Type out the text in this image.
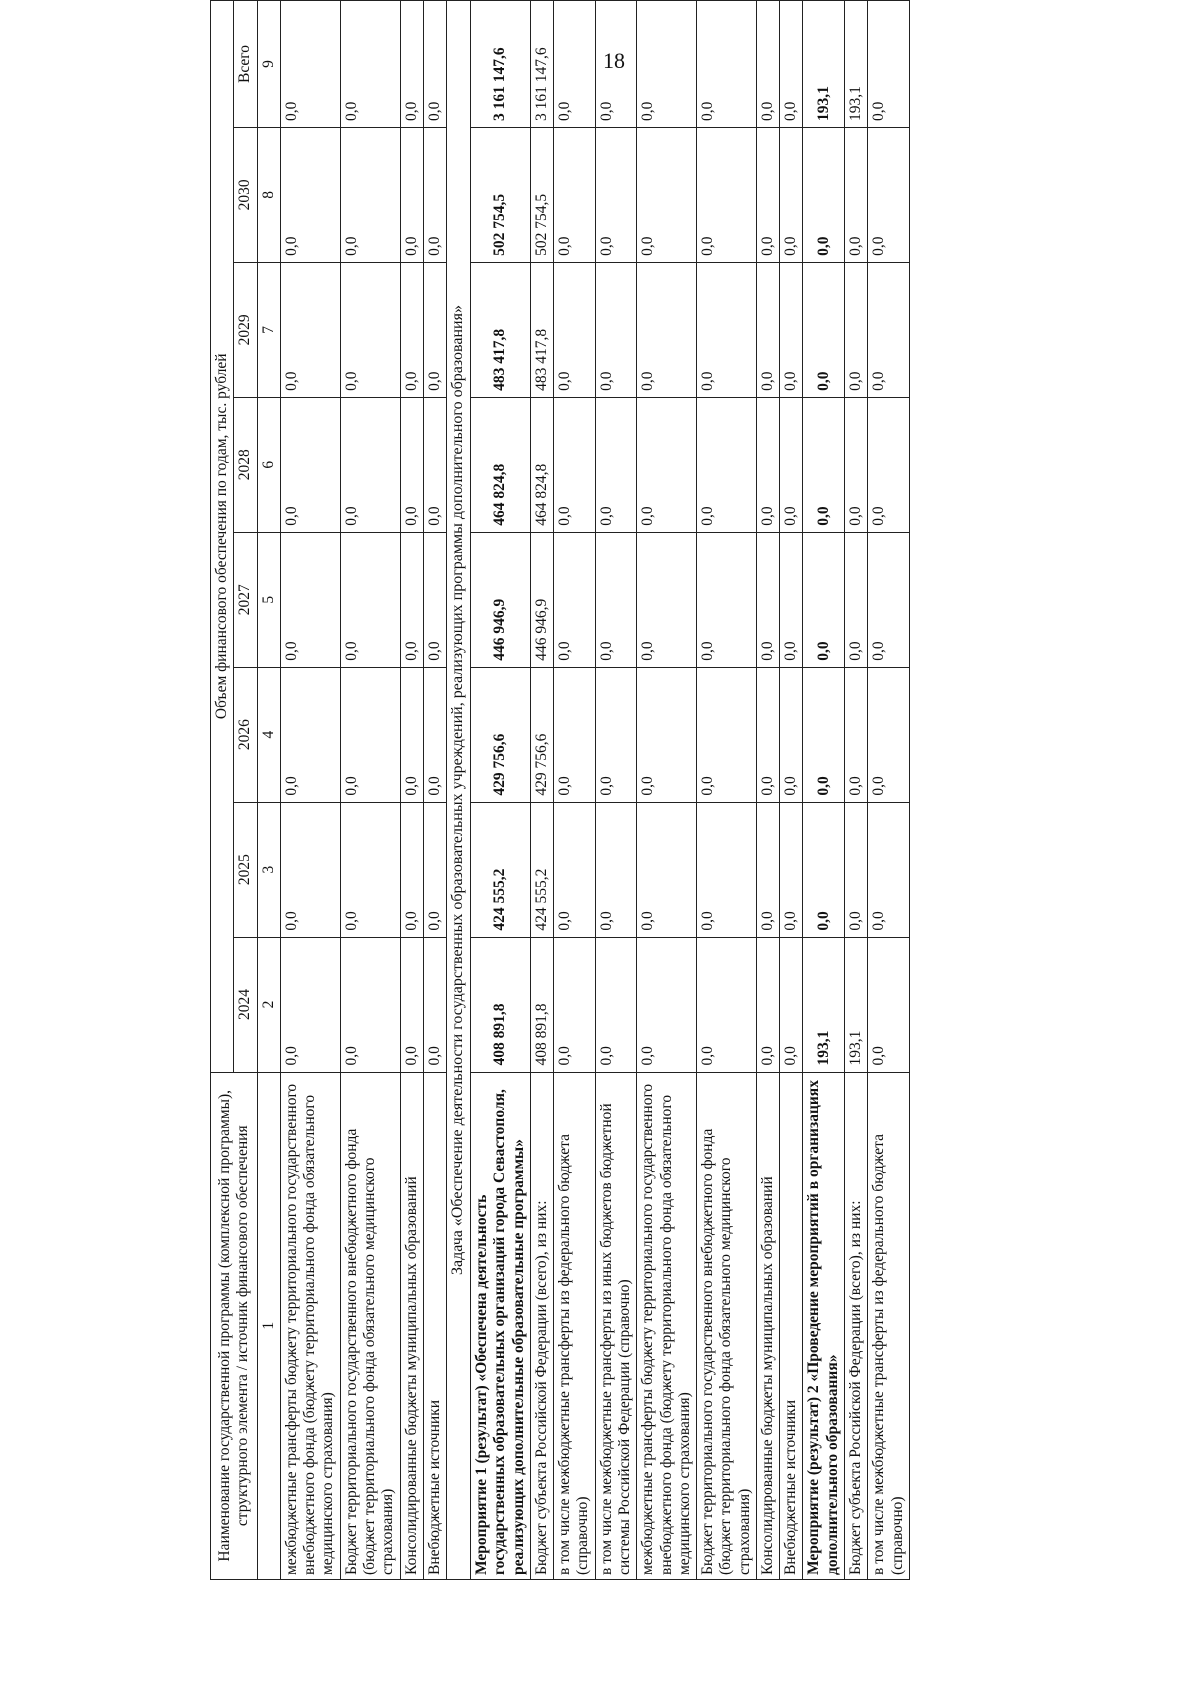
18
Наименование государственной программы (комплексной программы), структурного элемента / источник финансового обеспечения	Объем финансового обеспечения по годам, тыс. рублей							
	2024	2025	2026	2027	2028	2029	2030	Всего
1	2	3	4	5	6	7	8	9
межбюджетные трансферты бюджету территориального государственного внебюджетного фонда (бюджету территориального фонда обязательного медицинского страхования)	0,0	0,0	0,0	0,0	0,0	0,0	0,0	0,0
Бюджет территориального государственного внебюджетного фонда (бюджет территориального фонда обязательного медицинского страхования)	0,0	0,0	0,0	0,0	0,0	0,0	0,0	0,0
Консолидированные бюджеты муниципальных образований	0,0	0,0	0,0	0,0	0,0	0,0	0,0	0,0
Внебюджетные источники	0,0	0,0	0,0	0,0	0,0	0,0	0,0	0,0
Задача «Обеспечение деятельности государственных образовательных учреждений, реализующих программы дополнительного образования»								
Мероприятие 1 (результат) «Обеспечена деятельность государственных образовательных организаций города Севастополя, реализующих дополнительные образовательные программы»	408 891,8	424 555,2	429 756,6	446 946,9	464 824,8	483 417,8	502 754,5	3 161 147,6
Бюджет субъекта Российской Федерации (всего), из них:	408 891,8	424 555,2	429 756,6	446 946,9	464 824,8	483 417,8	502 754,5	3 161 147,6
в том числе межбюджетные трансферты из федерального бюджета (справочно)	0,0	0,0	0,0	0,0	0,0	0,0	0,0	0,0
в том числе межбюджетные трансферты из иных бюджетов бюджетной системы Российской Федерации (справочно)	0,0	0,0	0,0	0,0	0,0	0,0	0,0	0,0
межбюджетные трансферты бюджету территориального государственного внебюджетного фонда (бюджету территориального фонда обязательного медицинского страхования)	0,0	0,0	0,0	0,0	0,0	0,0	0,0	0,0
Бюджет территориального государственного внебюджетного фонда (бюджет территориального фонда обязательного медицинского страхования)	0,0	0,0	0,0	0,0	0,0	0,0	0,0	0,0
Консолидированные бюджеты муниципальных образований	0,0	0,0	0,0	0,0	0,0	0,0	0,0	0,0
Внебюджетные источники	0,0	0,0	0,0	0,0	0,0	0,0	0,0	0,0
Мероприятие (результат) 2 «Проведение мероприятий в организациях дополнительного образования»	193,1	0,0	0,0	0,0	0,0	0,0	0,0	193,1
Бюджет субъекта Российской Федерации (всего), из них:	193,1	0,0	0,0	0,0	0,0	0,0	0,0	193,1
в том числе межбюджетные трансферты из федерального бюджета (справочно)	0,0	0,0	0,0	0,0	0,0	0,0	0,0	0,0
